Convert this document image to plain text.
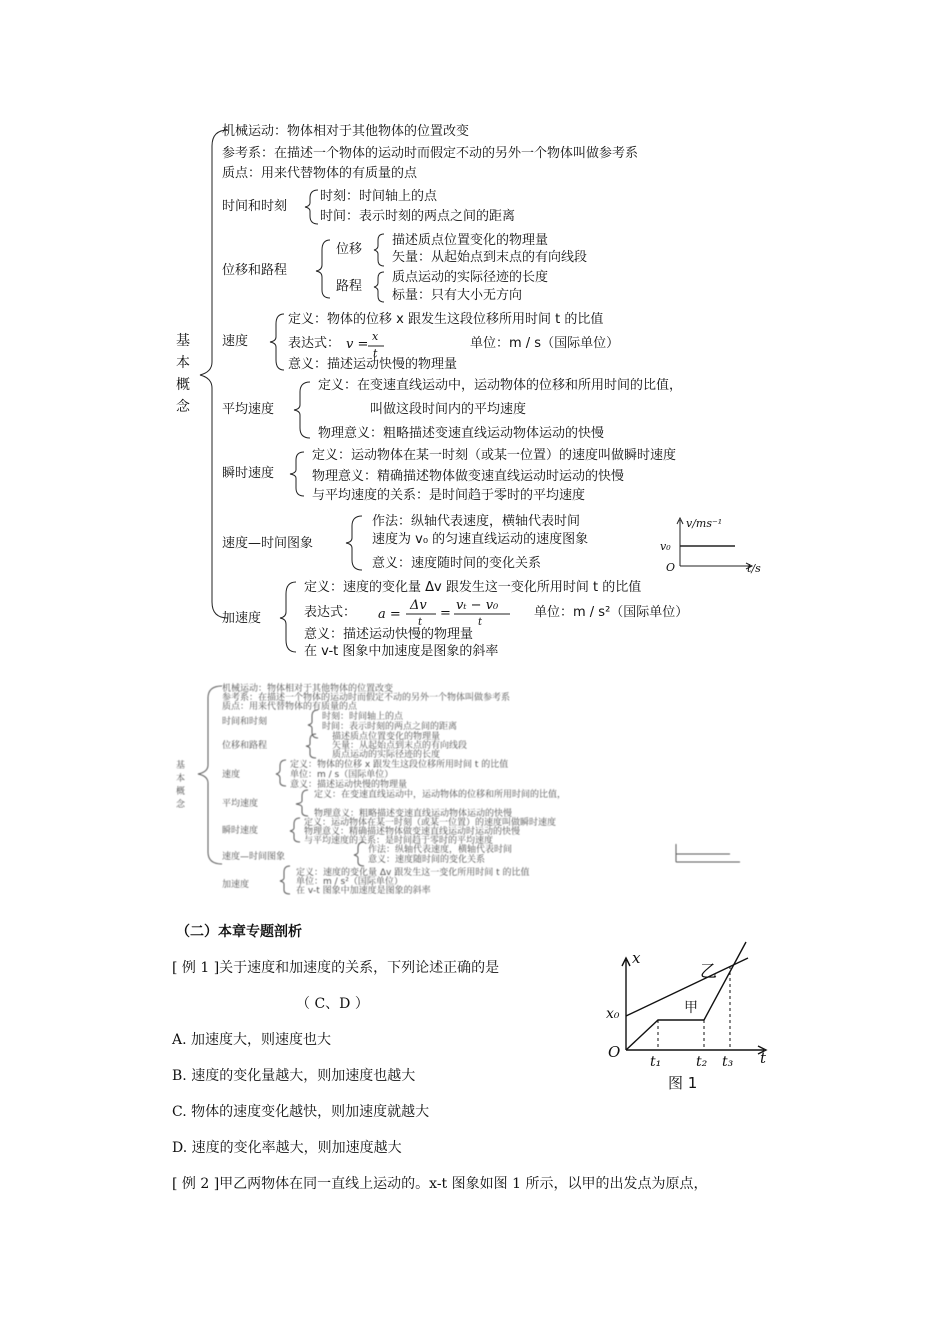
基本概念
机械运动：物体相对于其他物体的位置改变
参考系：在描述一个物体的运动时而假定不动的另外一个物体叫做参考系
质点：用来代替物体的有质量的点
时间和时刻
时刻：时间轴上的点
时间：表示时刻的两点之间的距离
位移和路程
位移
描述质点位置变化的物理量
矢量：从起始点到末点的有向线段
路程
质点运动的实际径迹的长度
标量：只有大小无方向
速度
定义：物体的位移 x 跟发生这段位移所用时间 t 的比值
表达式： v =
x
t
单位：m / s（国际单位）
意义：描述运动快慢的物理量
平均速度
定义：在变速直线运动中，运动物体的位移和所用时间的比值，
叫做这段时间内的平均速度
物理意义：粗略描述变速直线运动物体运动的快慢
瞬时速度
定义：运动物体在某一时刻（或某一位置）的速度叫做瞬时速度
物理意义：精确描述物体做变速直线运动时运动的快慢
与平均速度的关系：是时间趋于零时的平均速度
速度—时间图象
作法：纵轴代表速度，横轴代表时间
速度为 v₀ 的匀速直线运动的速度图象
意义：速度随时间的变化关系
v/ms⁻¹
t/s
v₀
O
加速度
定义：速度的变化量 Δv 跟发生这一变化所用时间 t 的比值
表达式： a =
Δv
t
=
vₜ − v₀
t
单位：m / s²（国际单位）
意义：描述运动快慢的物理量
在 v-t 图象中加速度是图象的斜率
基本概念
机械运动：物体相对于其他物体的位置改变
参考系：在描述一个物体的运动时而假定不动的另外一个物体叫做参考系
质点：用来代替物体的有质量的点
时间和时刻	时刻：时间轴上的点
时间：表示时刻的两点之间的距离
位移和路程
描述质点位置变化的物理量
矢量：从起始点到末点的有向线段
质点运动的实际径迹的长度
速度
定义：物体的位移 x 跟发生这段位移所用时间 t 的比值
单位：m / s（国际单位）
意义：描述运动快慢的物理量
平均速度
定义：在变速直线运动中，运动物体的位移和所用时间的比值，
物理意义：粗略描述变速直线运动物体运动的快慢
瞬时速度
定义：运动物体在某一时刻（或某一位置）的速度叫做瞬时速度
物理意义：精确描述物体做变速直线运动时运动的快慢
与平均速度的关系：是时间趋于零时的平均速度
速度—时间图象
作法：纵轴代表速度，横轴代表时间
意义：速度随时间的变化关系
加速度
定义：速度的变化量 Δv 跟发生这一变化所用时间 t 的比值
单位：m / s²（国际单位）
在 v-t 图象中加速度是图象的斜率
（二）本章专题剖析
[ 例 1 ]关于速度和加速度的关系，下列论述正确的是
（ C、D ）
A. 加速度大，则速度也大
B. 速度的变化量越大，则加速度也越大
C. 物体的速度变化越快，则加速度就越大
D. 速度的变化率越大，则加速度越大
[ 例 2 ]甲乙两物体在同一直线上运动的。x-t 图象如图 1 所示，以甲的出发点为原点，
x
t
O
x₀
乙
甲
t₁ t₂ t₃
图 1
